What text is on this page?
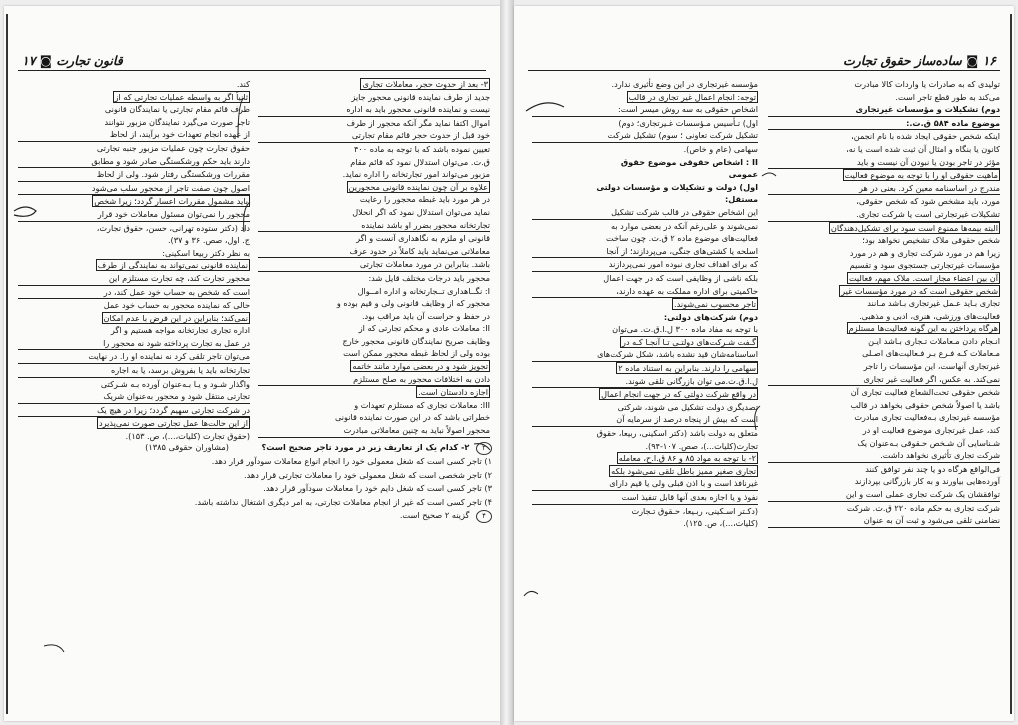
قانون تجارت ◙ ۱۷

۳- بعد از حدوث حجر، معاملات تجاری

جدید از طرف نماینده قانونی محجور جایز

نیست و نماینده قانونی محجور باید به اداره

اموال اکتفا نماید مگر آنکه محجور از طرف

خود قبل از حدوث حجر قائم مقام تجارتی

تعیین نموده باشد که با توجه به ماده ۴۰۰

ق.ت. می‌توان استدلال نمود که قائم مقام

مزبور می‌تواند امور تجارتخانه را اداره نماید.

علاوه بر آن چون نماینده قانونی محجورین

در هر مورد باید غبطه محجور را رعایت

نماید می‌توان استدلال نمود که اگر انحلال

تجارتخانه محجور بضرر او باشد نماینده

قانونی او ملزم به نگاهداری آنست و اگر

معاملاتی می‌نماید باید کاملاً در حدود عرف

باشد. بنابراین در مورد معاملات تجارتی

محجور باید درجات مختلف قایل شد:

I: نگــاهداری تــجارتخانه و اداره امــوال

محجور که از وظایف قانونی ولی و قیم بوده و

در حفظ و حراست آن باید مراقب بود.

II: معاملات عادی و محکم تجارتی که از

وظایف صریح نمایندگان قانونی محجور خارج

بوده ولی از لحاظ غبطه محجور ممکن است

تجویز شود و در بعضی موارد مانند خاتمه

دادن به اختلافات محجور به صلح مستلزم

اجازه دادستان است.

III: معاملات تجاری که مستلزم تعهدات و

خطراتی باشد که در این صورت نماینده قانونی

محجور اصولاً نباید به چنین معاملاتی مبادرت

کند.

ثانیاً اگر به واسطه عملیات تجارتی که از

طرف قائم مقام تجارتی یا نمایندگان قانونی

تاجر صورت می‌گیرد نمایندگان مزبور نتوانند

از عهده انجام تعهدات خود برآیند، از لحاظ

حقوق تجارت چون عملیات مزبور جنبه تجارتی

دارند باید حکم ورشکستگی صادر شود و مطابق

مقررات ورشکستگی رفتار شود. ولی از لحاظ

اصول چون صفت تاجر از محجور سلب می‌شود

باید مشمول مقررات اعسار گردد؛ زیرا شخص

محجور را نمی‌توان مسئول معاملات خود قرار

داد (دکتر ستوده تهرانی، حسن، حقوق تجارت،

ج. اول، صص. ۳۶ و ۳۷).

به نظر دکتر ربیعا اسکینی:

نماینده قانونی نمی‌تواند به نمایندگی از طرف

محجور تجارت کند، چه تجارت مستلزم این

است که شخص به حساب خود عمل کند، در

حالی که نماینده محجور به حساب خود عمل

نمی‌کند؛ بنابراین در این فرض با عدم امکان

اداره تجاری تجارتخانه مواجه هستیم و اگر

در عمل به تجارت پرداخته شود نه محجور را

می‌توان تاجر تلقی کرد نه نماینده او را. در نهایت

تجارتخانه باید یا بفروش برسد، یا به اجاره

واگذار شـود و یـا بـه‌عنوان آورده بـه شـرکتی

تجارتی منتقل شود و محجور به‌عنوان شریک

در شرکت تجارتی سهیم گردد؛ زیرا در هیچ یک

از این حالت‌ها عمل تجارتی صورت نمی‌پذیرد

(حقوق تجارت (کلیات،...)، ص. ۱۵۳).

۲ ۲- کدام یک از تعاریف زیر در مورد تاجر صحیح است؟ (مشاوران حقوقی ۱۳۸۵)
۱) تاجر کسی است که شغل معمولی خود را انجام انواع معاملات سودآور قرار دهد.
۲) تاجر شخصی است که شغل معمولی خود را معاملات تجارتی قرار دهد.
۳) تاجر کسی است که شغل دایم خود را معاملات سودآور قرار دهد.
۴) تاجر کسی است که غیر از انجام معاملات تجارتی، به امر دیگری اشتغال نداشته باشد.
۴ گزینه ۲ صحیح است.
۱۶ ◙ ساده‌ساز حقوق تجارت

تولیدی که به صادرات یا واردات کالا مبادرت

می‌کند به طور قطع تاجر است.

دوم) تشکیلات و مؤسسات غیرتجاری

موضوع ماده ۵۸۴ ق.ت.:

اینکه شخص حقوقی ایجاد شده با نام انجمن،

کانون یا بنگاه و امثال آن ثبت شده است یا نه،

مؤثر در تاجر بودن یا نبودن آن نیست و باید

ماهیت حقوقی او را با توجه به موضوع فعالیت

مندرج در اساسنامه معین کرد. بعنی در هر

مورد، باید مشخص شود که شخص حقوقی،

تشکیلات غیرتجارتی است یا شرکت تجاری.

البته بیمه‌ها ممنوع است سود برای تشکیل‌دهندگان

شخص حقوقی ملاک تشخیص نخواهد بود؛

زیرا هم در مورد شرکت تجاری و هم در مورد

مؤسسات غیرتجارتی جستجوی سود و تقسیم

آن بین اعضاء مجاز است. ملاک مهم، فعالیت

شخص حقوقی است که در مورد مؤسسات غیر

تجاری بـاید عـمل غیرتجاری بـاشد مـانند

فعالیت‌های ورزشی، هنری، ادبی و مذهبی.

هرگاه پرداختن به این گونه فعالیت‌ها مستلزم

انـجام دادن مـعاملات تـجاری بـاشد ایـن

مـعاملات کـه فـرع بـر فـعالیت‌های اصـلی

غیرتجاری آنهاست، این مؤسسات را تاجر

نمی‌کند. به عکس، اگر فعالیت غیر تجاری

شخص حقوقی تحت‌الشعاع فعالیت تجاری آن

باشد یا اصولاً شخص حقوقی بخواهد در قالب

مؤسسه غیرتجاری بـه‌فعالیت تجاری مبادرت

کند، عمل غیرتجاری موضوع فعالیت او در

شـناسایی آن شـخص حـقوقی بـه‌عنوان یک

شرکت تجاری تأثیری نخواهد داشت.

فی‌الواقع هرگاه دو یا چند نفر توافق کنند

آورده‌هایی بیاورند و به کار بازرگانی بپردازند

توافقشان یک شرکت تجاری عملی است و این

شرکت تجاری به حکم ماده ۲۲۰ ق.ت. شرکت

نضامنی تلقی می‌شود و ثبت آن به عنوان

مؤسسه غیرتجاری در این وضع تأثیری ندارد.

توجه: انجام اعمال غیر تجاری در قالب

اشخاص حقوقی به سه روش میسر است:

اول) تـأسیس مـؤسسات غـیرتجاری؛ دوم)

تشکیل شرکت تعاونی ؛ سوم) تشکیل شرکت

سهامی (عام و خاص).

II : اشخاص حقوقی موضوع حقوق

عمومی

اول) دولت و تشکیلات و مؤسسات دولتی

مستقل:

این اشخاص حقوقی در قالب شرکت تشکیل

نمی‌شوند و علی‌رغم آنکه در بعضی موارد به

فعالیت‌های موضوع ماده ۲ ق.ت. چون ساخت

اسلحه یا کشتی‌های جنگی، می‌پردازند؛ از آنجا

که برای اهداف تجاری نبوده امور نمی‌پردازند

بلکه ناشی از وظایفی است که در جهت اعمال

حاکمیتی برای اداره مملکت به عهده دارند،

تاجر محسوب نمی‌شوند.

دوم) شرکت‌های دولتی:

با توجه به مفاد ماده ۳۰۰ ل.ا.ق.ت. می‌توان

گـفت شـرکت‌های دولتـی تـا آنجـا کـه در

اساسنامه‌شان قید نشده باشد، شکل شرکت‌های

سهامی را دارند. بنابراین به استناد ماده ۲

ل.ا.ق.ت.می توان بازرگانی تلقی شوند.

در واقع شرکت دولتی که در جهت انجام اعمال

تصدیگری دولت تشکیل می شوند، شرکتی

است که بیش از پنجاه درصد از سرمایه آن

متعلق به دولت باشد (دکتر اسکینی، ربیعا، حقوق

تجارت(کلیات...)، صص. ۱۰۷-۹۴).

۲- با توجه به مواد ۸۵ و ۸۶ ق.ا.ح، معامله

تجاری صغیر ممیز باطل تلقی نمی‌شود بلکه

غیرنافذ است و با اذن قبلی ولی یا قیم دارای

نفوذ و یا اجازه بعدی آنها قابل تنفیذ است

(دکـتر اسـکینی، ربـیعا، حـقوق تـجارت

(کلیات،...)، ص. ۱۲۵).
